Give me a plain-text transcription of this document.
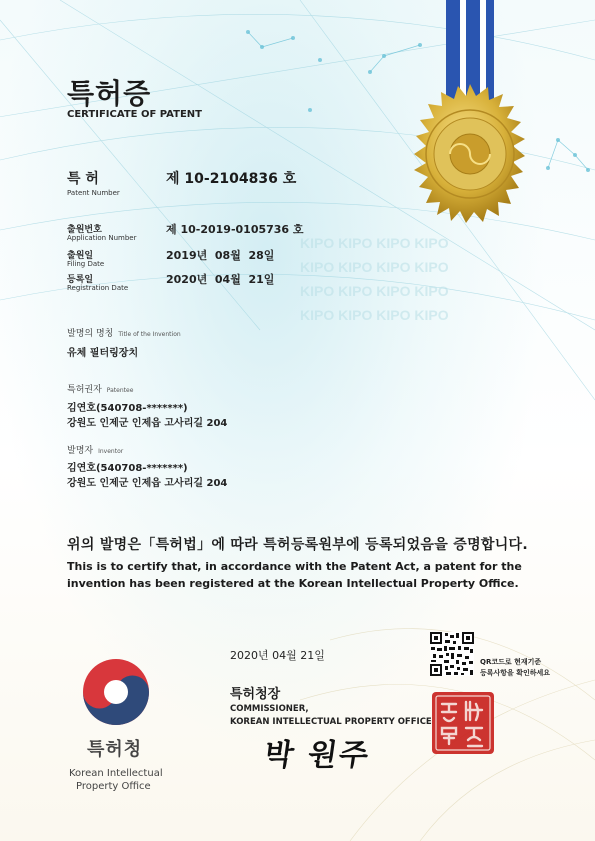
KIPO KIPO KIPO KIPO
KIPO KIPO KIPO KIPO
KIPO KIPO KIPO KIPO
KIPO KIPO KIPO KIPO
특허증
CERTIFICATE OF PATENT
특 허
Patent Number
제 10-2104836 호
출원번호
Application Number
제 10-2019-0105736 호
출원일
Filing Date
2019년  08월  28일
등록일
Registration Date
2020년  04월  21일
발명의 명칭 Title of the Invention
유체 필터링장치
특허권자 Patentee
김연호(540708-*******)
강원도 인제군 인제읍 고사리길 204
발명자 Inventor
김연호(540708-*******)
강원도 인제군 인제읍 고사리길 204
위의 발명은「특허법」에 따라 특허등록원부에 등록되었음을 증명합니다.
This is to certify that, in accordance with the Patent Act, a patent for the invention has been registered at the Korean Intellectual Property Office.
2020년 04월 21일	QR코드로 현재기준
등록사항을 확인하세요
특허청장
COMMISSIONER,
KOREAN INTELLECTUAL PROPERTY OFFICE
박 원주
특허청
Korean Intellectual
Property Office
